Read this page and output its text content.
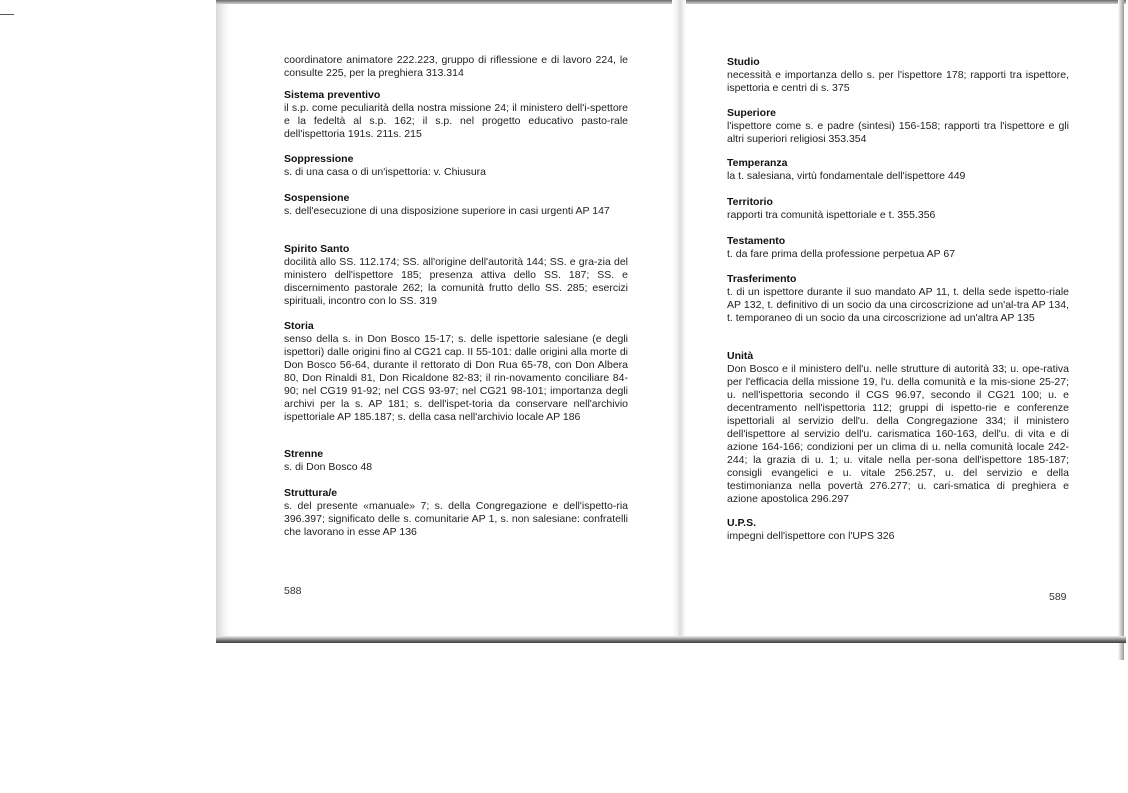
coordinatore animatore 222.223, gruppo di riflessione e di lavoro 224, le consulte 225, per la preghiera 313.314

Sistema preventivo

il s.p. come peculiarità della nostra missione 24; il ministero dell'i-spettore e la fedeltà al s.p. 162; il s.p. nel progetto educativo pasto-rale dell'ispettoria 191s. 211s. 215

Soppressione

s. di una casa o di un'ispettoria: v. Chiusura

Sospensione

s. dell'esecuzione di una disposizione superiore in casi urgenti AP 147

Spirito Santo

docilità allo SS. 112.174; SS. all'origine dell'autorità 144; SS. e gra-zia del ministero dell'ispettore 185; presenza attiva dello SS. 187; SS. e discernimento pastorale 262; la comunità frutto dello SS. 285; esercizi spirituali, incontro con lo SS. 319

Storia

senso della s. in Don Bosco 15-17; s. delle ispettorie salesiane (e degli ispettori) dalle origini fino al CG21 cap. II 55-101: dalle origini alla morte di Don Bosco 56-64, durante il rettorato di Don Rua 65-78, con Don Albera 80, Don Rinaldi 81, Don Ricaldone 82-83; il rin-novamento conciliare 84-90; nel CG19 91-92; nel CGS 93-97; nel CG21 98-101; importanza degli archivi per la s. AP 181; s. dell'ispet-toria da conservare nell'archivio ispettoriale AP 185.187; s. della casa nell'archivio locale AP 186

Strenne

s. di Don Bosco 48

Struttura/e

s. del presente «manuale» 7; s. della Congregazione e dell'ispetto-ria 396.397; significato delle s. comunitarie AP 1, s. non salesiane: confratelli che lavorano in esse AP 136

588

Studio

necessità e importanza dello s. per l'ispettore 178; rapporti tra ispettore, ispettoria e centri di s. 375

Superiore

l'ispettore come s. e padre (sintesi) 156-158; rapporti tra l'ispettore e gli altri superiori religiosi 353.354

Temperanza

la t. salesiana, virtù fondamentale dell'ispettore 449

Territorio

rapporti tra comunità ispettoriale e t. 355.356

Testamento

t. da fare prima della professione perpetua AP 67

Trasferimento

t. di un ispettore durante il suo mandato AP 11, t. della sede ispetto-riale AP 132, t. definitivo di un socio da una circoscrizione ad un'al-tra AP 134, t. temporaneo di un socio da una circoscrizione ad un'altra AP 135

Unità

Don Bosco e il ministero dell'u. nelle strutture di autorità 33; u. ope-rativa per l'efficacia della missione 19, l'u. della comunità e la mis-sione 25-27; u. nell'ispettoria secondo il CGS 96.97, secondo il CG21 100; u. e decentramento nell'ispettoria 112; gruppi di ispetto-rie e conferenze ispettoriali al servizio dell'u. della Congregazione 334; il ministero dell'ispettore al servizio dell'u. carismatica 160-163, dell'u. di vita e di azione 164-166; condizioni per un clima di u. nella comunità locale 242-244; la grazia di u. 1; u. vitale nella per-sona dell'ispettore 185-187; consigli evangelici e u. vitale 256.257, u. del servizio e della testimonianza nella povertà 276.277; u. cari-smatica di preghiera e azione apostolica 296.297

U.P.S.

impegni dell'ispettore con l'UPS 326

589
